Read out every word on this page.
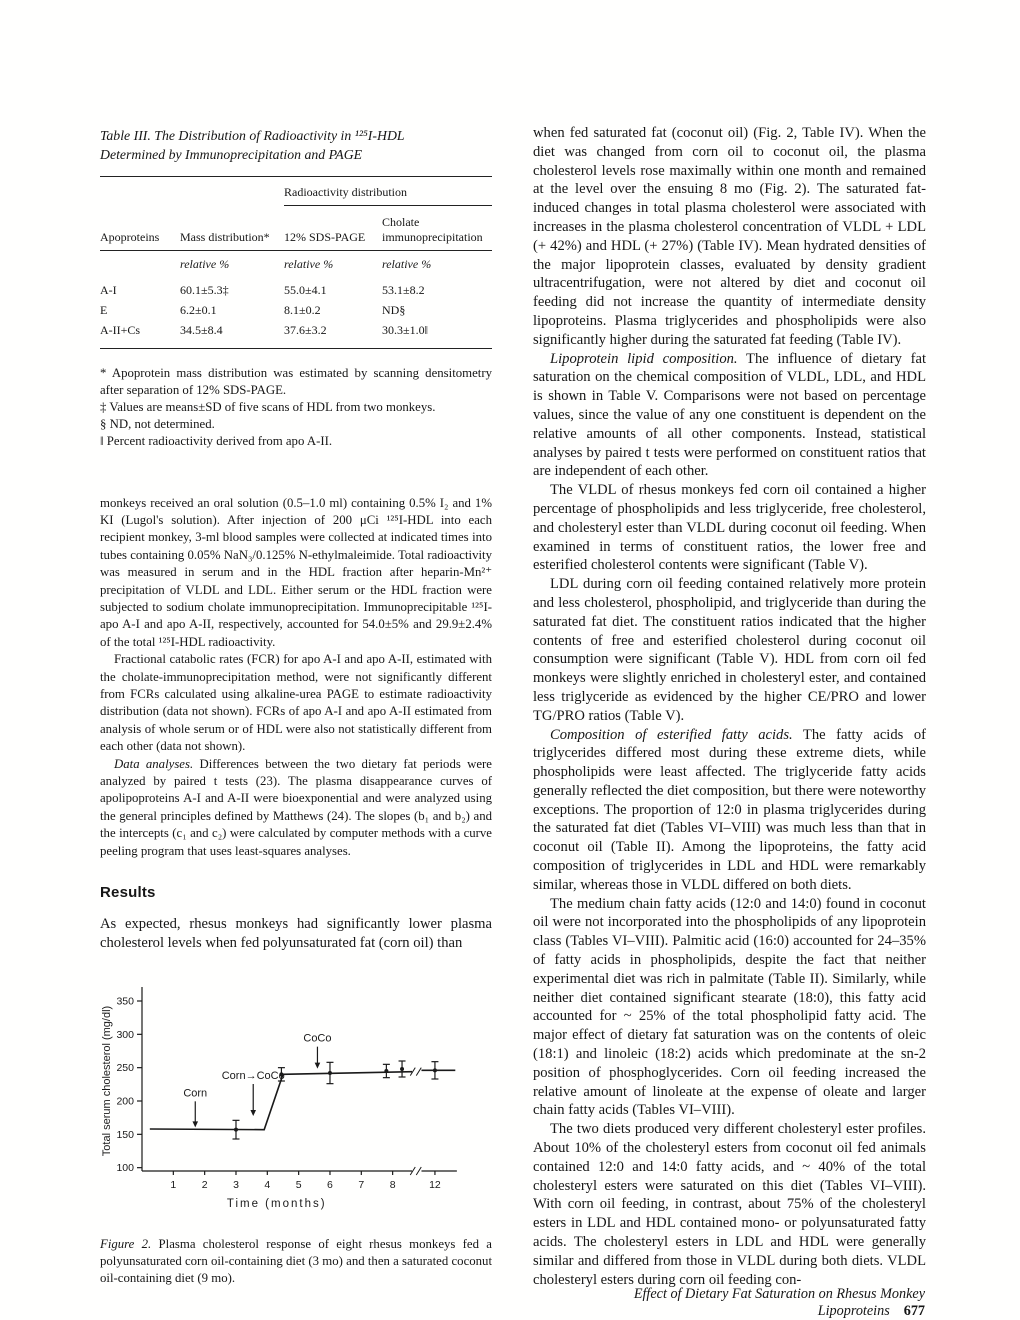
Table III. The Distribution of Radioactivity in ¹²⁵I-HDL
Determined by Immunoprecipitation and PAGE
Radioactivity distribution
Apoproteins	Mass distribution*	12% SDS-PAGE
Cholate immunoprecipitation
relative %	relative %	relative %
A-I	60.1±5.3‡	55.0±4.1	53.1±8.2
E	6.2±0.1	8.1±0.2	ND§
A-II+Cs	34.5±8.4	37.6±3.2	30.3±1.0‖
* Apoprotein mass distribution was estimated by scanning densitometry after separation of 12% SDS-PAGE.
‡ Values are means±SD of five scans of HDL from two monkeys.
§ ND, not determined.
‖ Percent radioactivity derived from apo A-II.

monkeys received an oral solution (0.5–1.0 ml) containing 0.5% I₂ and 1% KI (Lugol's solution). After injection of 200 μCi ¹²⁵I-HDL into each recipient monkey, 3-ml blood samples were collected at indicated times into tubes containing 0.05% NaN₃/0.125% N-ethylmaleimide. Total radioactivity was measured in serum and in the HDL fraction after heparin-Mn²⁺ precipitation of VLDL and LDL. Either serum or the HDL fraction were subjected to sodium cholate immunoprecipitation. Immunoprecipitable ¹²⁵I-apo A-I and apo A-II, respectively, accounted for 54.0±5% and 29.9±2.4% of the total ¹²⁵I-HDL radioactivity.

Fractional catabolic rates (FCR) for apo A-I and apo A-II, estimated with the cholate-immunoprecipitation method, were not significantly different from FCRs calculated using alkaline-urea PAGE to estimate radioactivity distribution (data not shown). FCRs of apo A-I and apo A-II estimated from analysis of whole serum or of HDL were also not statistically different from each other (data not shown).

Data analyses. Differences between the two dietary fat periods were analyzed by paired t tests (23). The plasma disappearance curves of apolipoproteins A-I and A-II were bioexponential and were analyzed using the general principles defined by Matthews (24). The slopes (b₁ and b₂) and the intercepts (c₁ and c₂) were calculated by computer methods with a curve peeling program that uses least-squares analyses.

Results

As expected, rhesus monkeys had significantly lower plasma cholesterol levels when fed polyunsaturated fat (corn oil) than

100
150
200
250
300
350
1 2 3 4 5 6 7 8	12
Time (months)
Total serum cholesterol (mg/dl)	Corn
Corn→CoCo
CoCo

Figure 2. Plasma cholesterol response of eight rhesus monkeys fed a polyunsaturated corn oil-containing diet (3 mo) and then a saturated coconut oil-containing diet (9 mo).

when fed saturated fat (coconut oil) (Fig. 2, Table IV). When the diet was changed from corn oil to coconut oil, the plasma cholesterol levels rose maximally within one month and remained at the level over the ensuing 8 mo (Fig. 2). The saturated fat-induced changes in total plasma cholesterol were associated with increases in the plasma cholesterol concentration of VLDL + LDL (+ 42%) and HDL (+ 27%) (Table IV). Mean hydrated densities of the major lipoprotein classes, evaluated by density gradient ultracentrifugation, were not altered by diet and coconut oil feeding did not increase the quantity of intermediate density lipoproteins. Plasma triglycerides and phospholipids were also significantly higher during the saturated fat feeding (Table IV).

Lipoprotein lipid composition. The influence of dietary fat saturation on the chemical composition of VLDL, LDL, and HDL is shown in Table V. Comparisons were not based on percentage values, since the value of any one constituent is dependent on the relative amounts of all other components. Instead, statistical analyses by paired t tests were performed on constituent ratios that are independent of each other.

The VLDL of rhesus monkeys fed corn oil contained a higher percentage of phospholipids and less triglyceride, free cholesterol, and cholesteryl ester than VLDL during coconut oil feeding. When examined in terms of constituent ratios, the lower free and esterified cholesterol contents were significant (Table V).

LDL during corn oil feeding contained relatively more protein and less cholesterol, phospholipid, and triglyceride than during the saturated fat diet. The constituent ratios indicated that the higher contents of free and esterified cholesterol during coconut oil consumption were significant (Table V). HDL from corn oil fed monkeys were slightly enriched in cholesteryl ester, and contained less triglyceride as evidenced by the higher CE/PRO and lower TG/PRO ratios (Table V).

Composition of esterified fatty acids. The fatty acids of triglycerides differed most during these extreme diets, while phospholipids were least affected. The triglyceride fatty acids generally reflected the diet composition, but there were noteworthy exceptions. The proportion of 12:0 in plasma triglycerides during the saturated fat diet (Tables VI–VIII) was much less than that in coconut oil (Table II). Among the lipoproteins, the fatty acid composition of triglycerides in LDL and HDL were remarkably similar, whereas those in VLDL differed on both diets.

The medium chain fatty acids (12:0 and 14:0) found in coconut oil were not incorporated into the phospholipids of any lipoprotein class (Tables VI–VIII). Palmitic acid (16:0) accounted for 24–35% of fatty acids in phospholipids, despite the fact that neither experimental diet was rich in palmitate (Table II). Similarly, while neither diet contained significant stearate (18:0), this fatty acid accounted for ~ 25% of the total phospholipid fatty acid. The major effect of dietary fat saturation was on the contents of oleic (18:1) and linoleic (18:2) acids which predominate at the sn-2 position of phosphoglycerides. Corn oil feeding increased the relative amount of linoleate at the expense of oleate and larger chain fatty acids (Tables VI–VIII).

The two diets produced very different cholesteryl ester profiles. About 10% of the cholesteryl esters from coconut oil fed animals contained 12:0 and 14:0 fatty acids, and ~ 40% of the total cholesteryl esters were saturated on this diet (Tables VI–VIII). With corn oil feeding, in contrast, about 75% of the cholesteryl esters in LDL and HDL contained mono- or polyunsaturated fatty acids. The cholesteryl esters in LDL and HDL were generally similar and differed from those in VLDL during both diets. VLDL cholesteryl esters during corn oil feeding con-

Effect of Dietary Fat Saturation on Rhesus Monkey Lipoproteins 677
